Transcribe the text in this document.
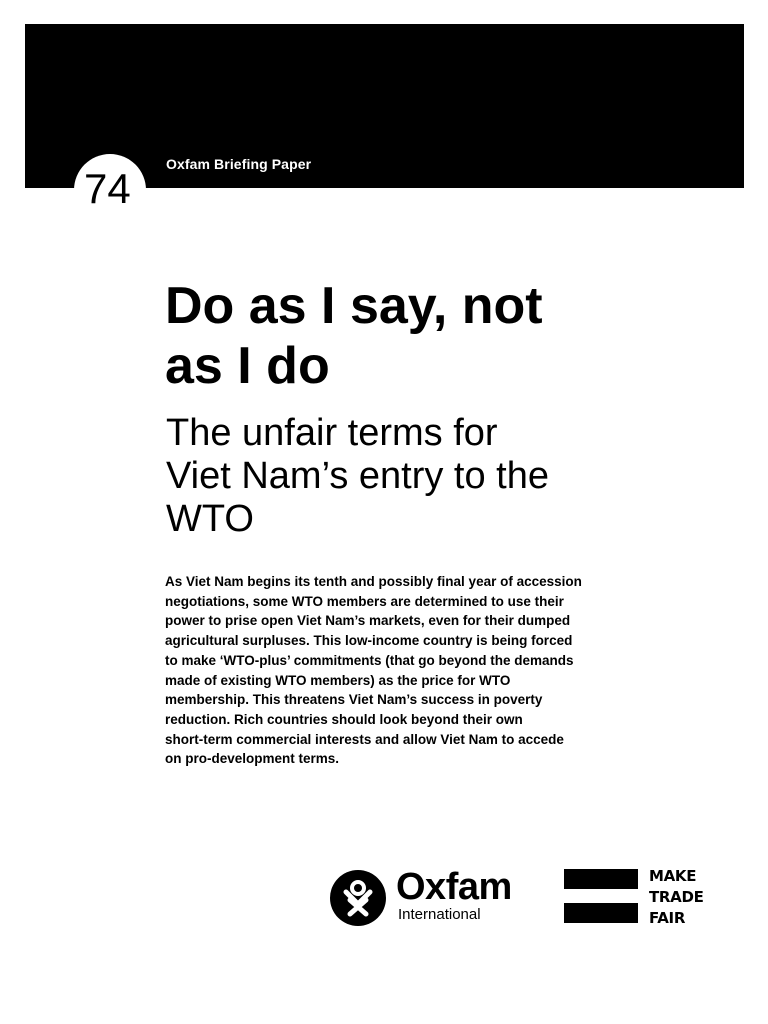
Oxfam Briefing Paper
74
Do as I say, not
as I do
The unfair terms for
Viet Nam’s entry to the
WTO

As Viet Nam begins its tenth and possibly final year of accession
negotiations, some WTO members are determined to use their
power to prise open Viet Nam’s markets, even for their dumped
agricultural surpluses. This low-income country is being forced
to make ‘WTO-plus’ commitments (that go beyond the demands
made of existing WTO members) as the price for WTO
membership. This threatens Viet Nam’s success in poverty
reduction. Rich countries should look beyond their own
short-term commercial interests and allow Viet Nam to accede
on pro-development terms.

Oxfam
International

MAKE
TRADE
FAIR
